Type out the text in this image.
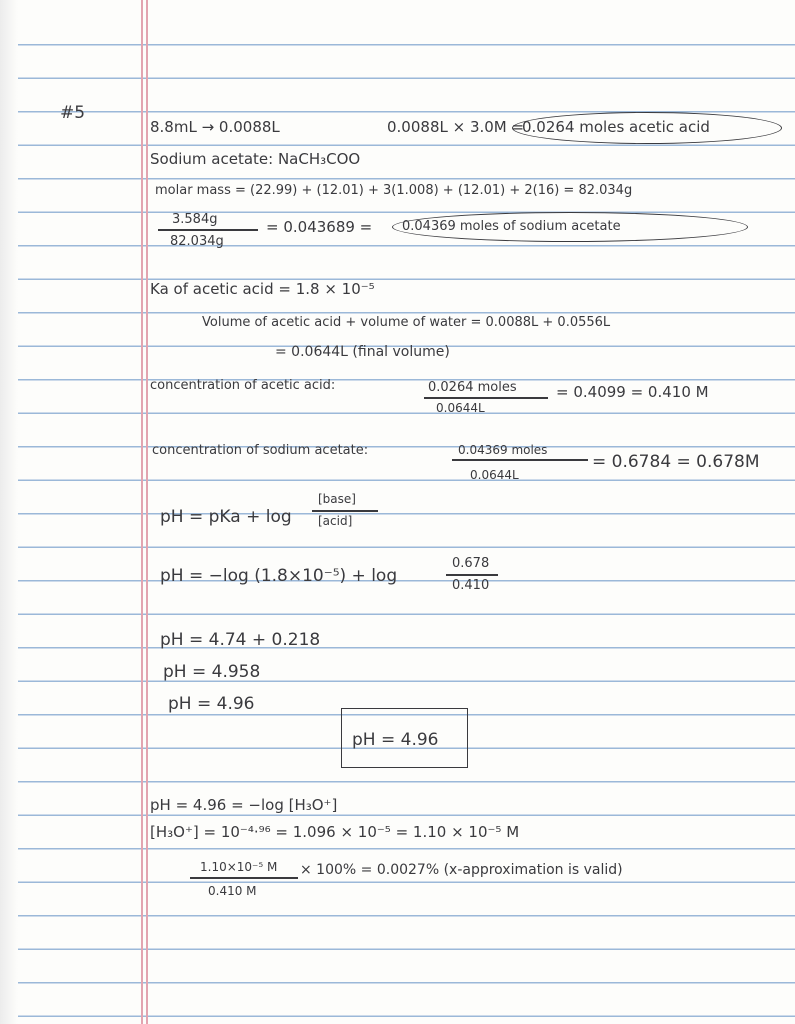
#5
8.8mL → 0.0088L	0.0088L × 3.0M =
0.0264 moles acetic acid
Sodium acetate: NaCH₃COO
molar mass = (22.99) + (12.01) + 3(1.008) + (12.01) + 2(16) = 82.034g
3.584g
82.034g
= 0.043689 = 0.04369 moles of sodium acetate
Ka of acetic acid = 1.8 × 10⁻⁵
Volume of acetic acid + volume of water = 0.0088L + 0.0556L
= 0.0644L (final volume)
concentration of acetic acid:	0.0264 moles
0.0644L
= 0.4099 = 0.410 M
concentration of sodium acetate:	0.04369 moles
0.0644L
= 0.6784 = 0.678M
pH = pKa + log
[base]
[acid]
pH = −log (1.8×10⁻⁵) + log
0.678
0.410
pH = 4.74 + 0.218
pH = 4.958
pH = 4.96
pH = 4.96
pH = 4.96 = −log [H₃O⁺]
[H₃O⁺] = 10⁻⁴·⁹⁶ = 1.096 × 10⁻⁵ = 1.10 × 10⁻⁵ M
1.10×10⁻⁵ M
0.410 M
× 100% = 0.0027% (x-approximation is valid)
